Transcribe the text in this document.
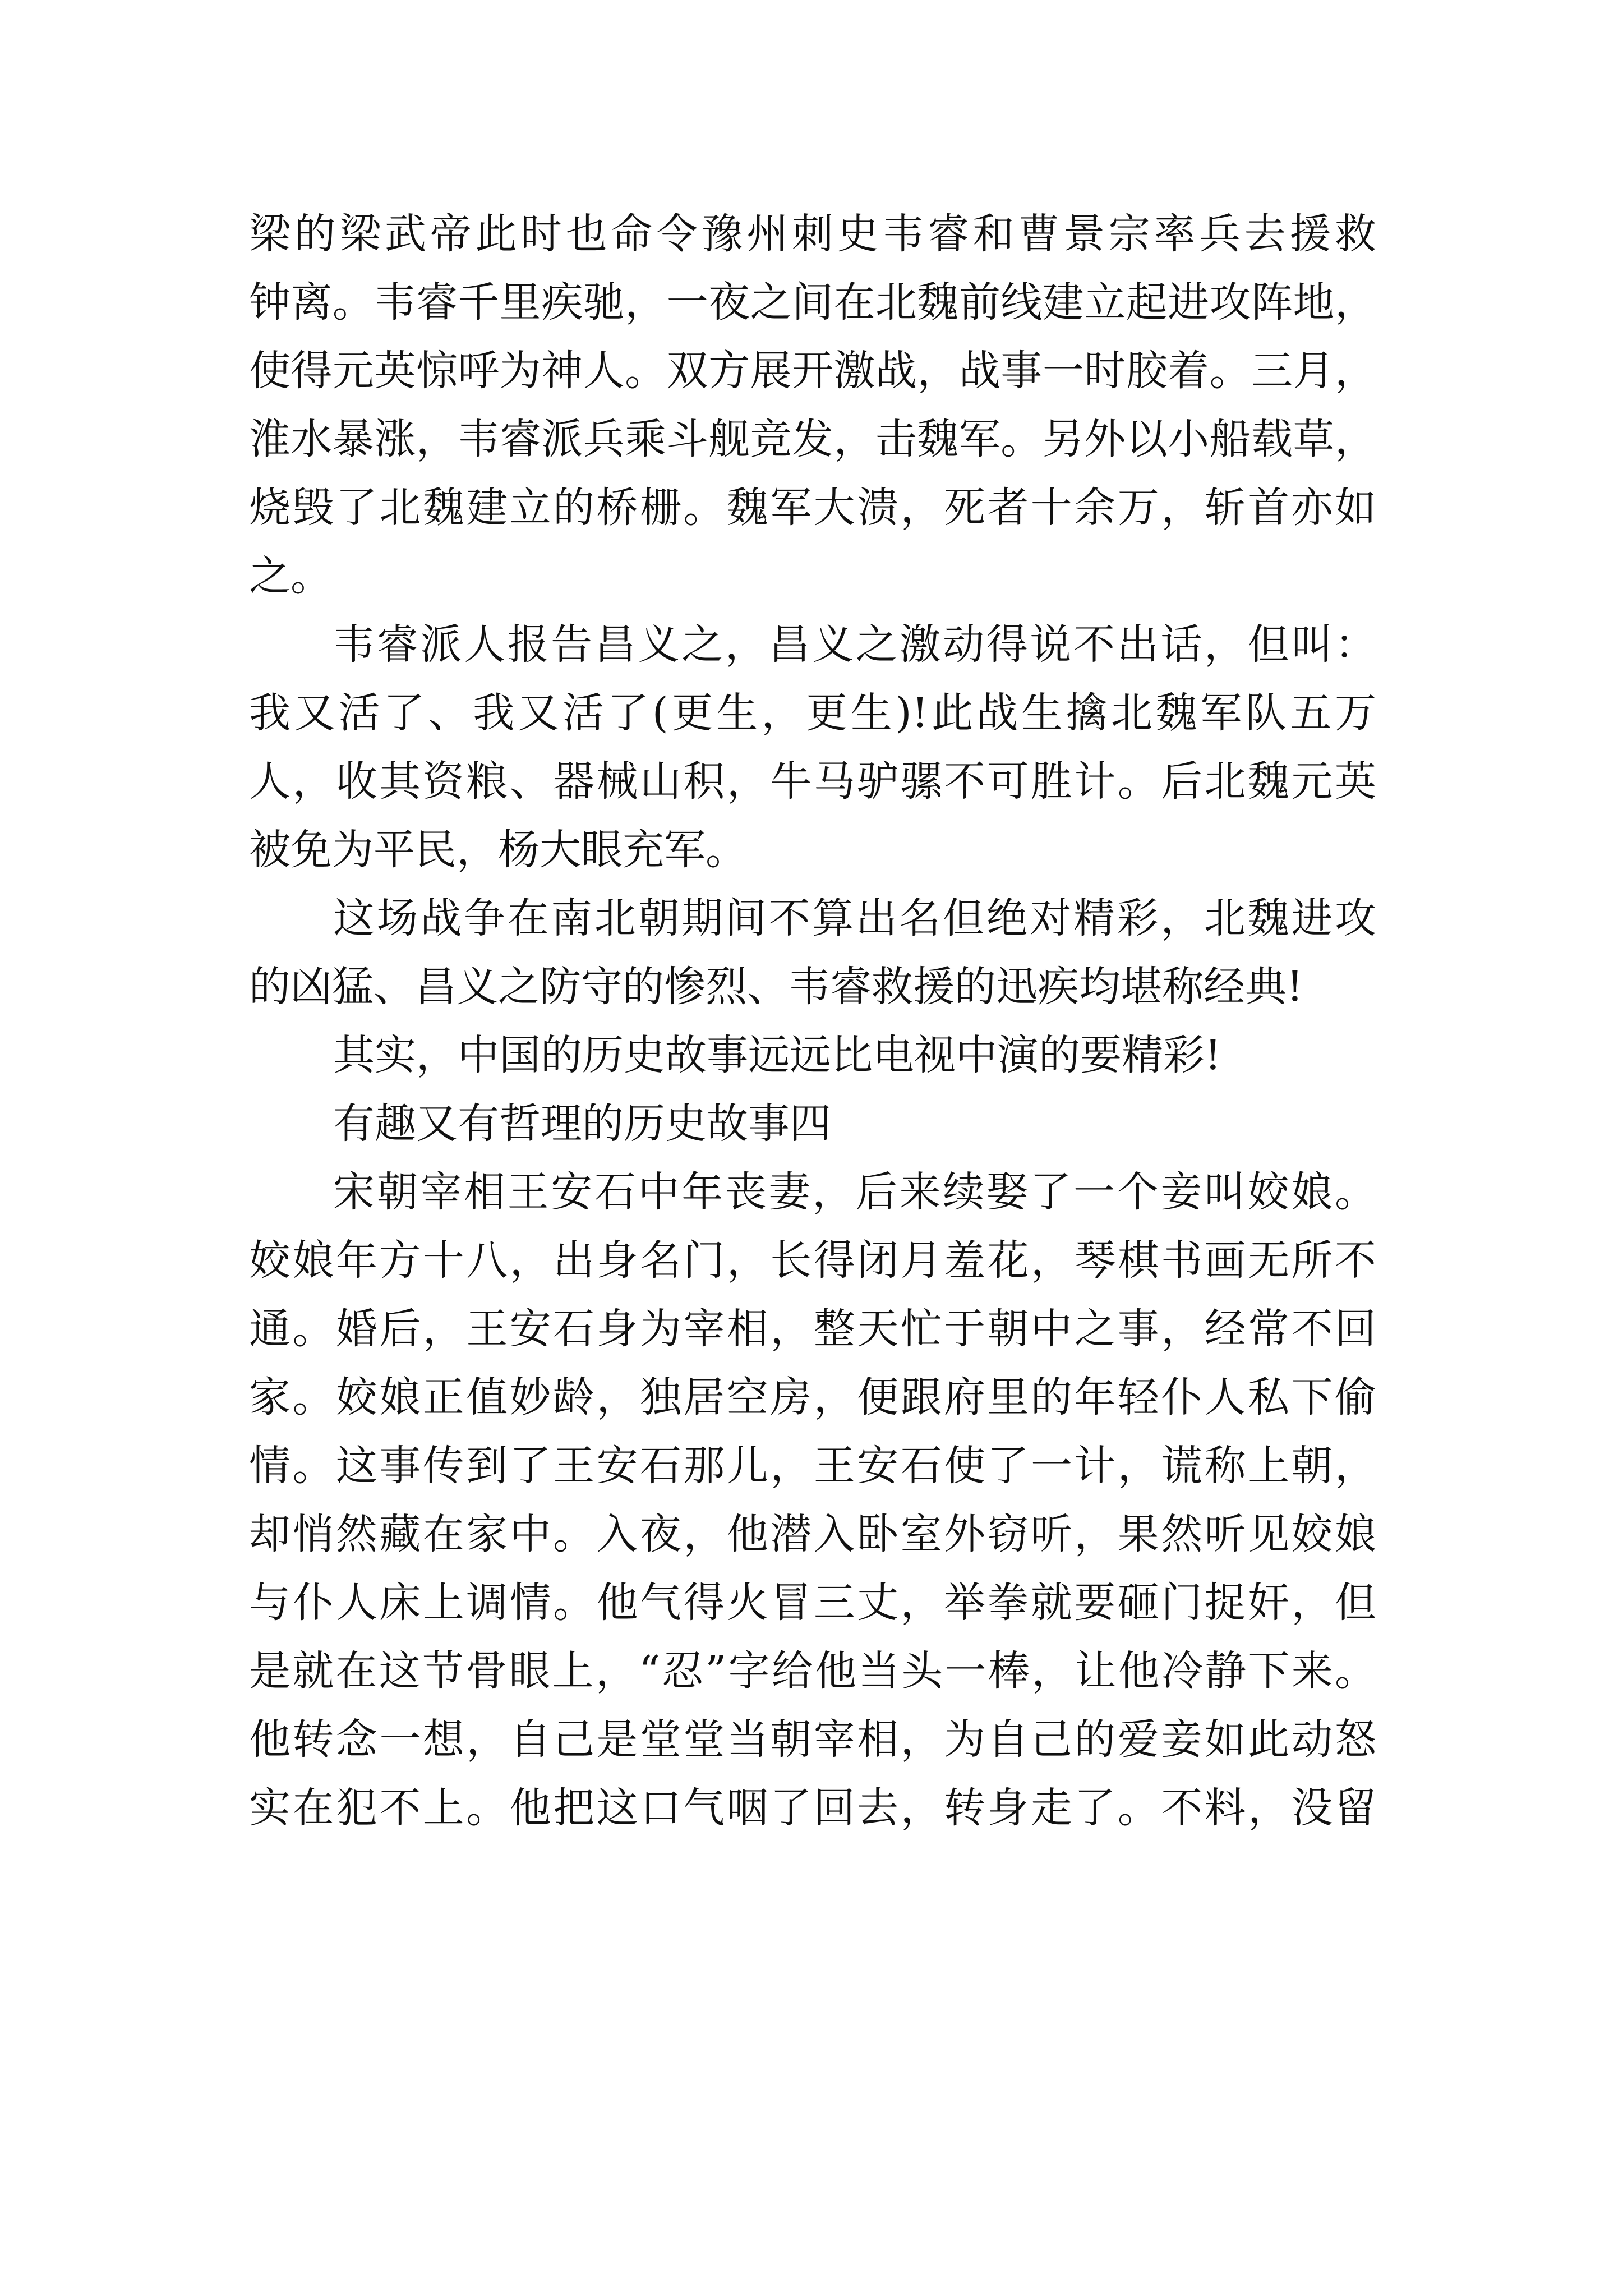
梁的梁武帝此时也命令豫州刺史韦睿和曹景宗率兵去援救
钟离。韦睿千里疾驰，一夜之间在北魏前线建立起进攻阵地，
使得元英惊呼为神人。双方展开激战，战事一时胶着。三月，
淮水暴涨，韦睿派兵乘斗舰竞发，击魏军。另外以小船载草，
烧毁了北魏建立的桥栅。魏军大溃，死者十余万，斩首亦如
之。
韦睿派人报告昌义之，昌义之激动得说不出话，但叫：
我又活了、我又活了(更生，更生)!此战生擒北魏军队五万
人，收其资粮、器械山积，牛马驴骡不可胜计。后北魏元英
被免为平民，杨大眼充军。
这场战争在南北朝期间不算出名但绝对精彩，北魏进攻
的凶猛、昌义之防守的惨烈、韦睿救援的迅疾均堪称经典!
其实，中国的历史故事远远比电视中演的要精彩!
有趣又有哲理的历史故事四
宋朝宰相王安石中年丧妻，后来续娶了一个妾叫姣娘。
姣娘年方十八，出身名门，长得闭月羞花，琴棋书画无所不
通。婚后，王安石身为宰相，整天忙于朝中之事，经常不回
家。姣娘正值妙龄，独居空房，便跟府里的年轻仆人私下偷
情。这事传到了王安石那儿，王安石使了一计，谎称上朝，
却悄然藏在家中。入夜，他潜入卧室外窃听，果然听见姣娘
与仆人床上调情。他气得火冒三丈，举拳就要砸门捉奸，但
是就在这节骨眼上，“忍”字给他当头一棒，让他冷静下来。
他转念一想，自己是堂堂当朝宰相，为自己的爱妾如此动怒
实在犯不上。他把这口气咽了回去，转身走了。不料，没留
